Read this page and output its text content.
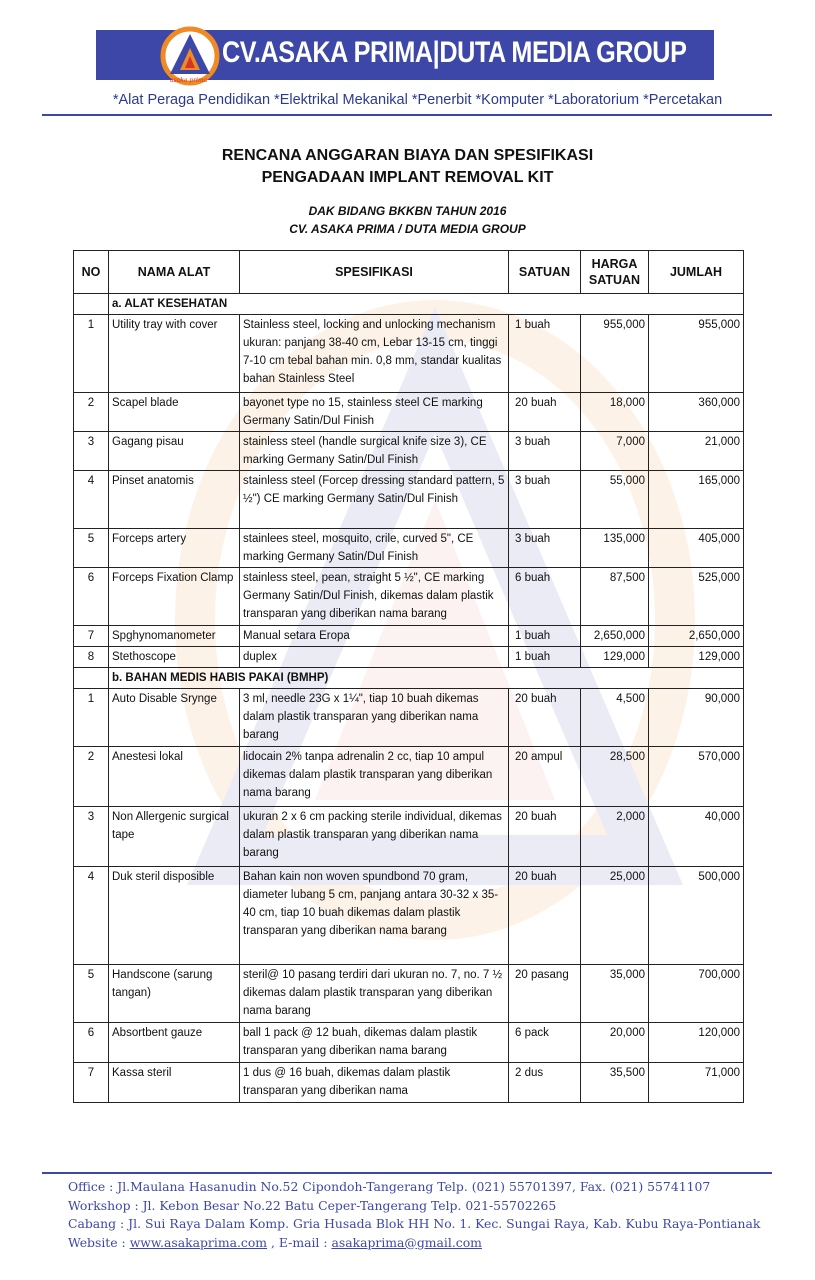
asaka prima
CV.ASAKA PRIMA|DUTA MEDIA GROUP
*Alat Peraga Pendidikan *Elektrikal Mekanikal *Penerbit *Komputer *Laboratorium *Percetakan
RENCANA ANGGARAN BIAYA DAN SPESIFIKASI
PENGADAAN IMPLANT REMOVAL KIT
DAK BIDANG BKKBN TAHUN 2016
CV. ASAKA PRIMA / DUTA MEDIA GROUP
NO	NAMA ALAT	SPESIFIKASI	SATUAN	HARGA SATUAN	JUMLAH
	a. ALAT KESEHATAN				
1	Utility tray with cover	Stainless steel, locking and unlocking mechanism ukuran: panjang 38-40 cm, Lebar 13-15 cm, tinggi 7-10 cm tebal bahan min. 0,8 mm, standar kualitas bahan Stainless Steel	1 buah	955,000	955,000
2	Scapel blade	bayonet type no 15, stainless steel CE marking Germany Satin/Dul Finish	20 buah	18,000	360,000
3	Gagang pisau	stainless steel (handle surgical knife size 3), CE marking Germany Satin/Dul Finish	3 buah	7,000	21,000
4	Pinset anatomis	stainless steel (Forcep dressing standard pattern, 5 ½") CE marking Germany Satin/Dul Finish	3 buah	55,000	165,000
5	Forceps artery	stainlees steel, mosquito, crile, curved 5", CE marking Germany Satin/Dul Finish	3 buah	135,000	405,000
6	Forceps Fixation Clamp	stainless steel, pean, straight 5 ½", CE marking Germany Satin/Dul Finish, dikemas dalam plastik transparan yang diberikan nama barang	6 buah	87,500	525,000
7	Spghynomanometer	Manual setara Eropa	1 buah	2,650,000	2,650,000
8	Stethoscope	duplex	1 buah	129,000	129,000
	b. BAHAN MEDIS HABIS PAKAI (BMHP)				
1	Auto Disable Srynge	3 ml, needle 23G x 1¼", tiap 10 buah dikemas dalam plastik transparan yang diberikan nama barang	20 buah	4,500	90,000
2	Anestesi lokal	lidocain 2% tanpa adrenalin 2 cc, tiap 10 ampul dikemas dalam plastik transparan yang diberikan nama barang	20 ampul	28,500	570,000
3	Non Allergenic surgical tape	ukuran 2 x 6 cm packing sterile individual, dikemas dalam plastik transparan yang diberikan nama barang	20 buah	2,000	40,000
4	Duk steril disposible	Bahan kain non woven spundbond 70 gram, diameter lubang 5 cm, panjang antara 30-32 x 35-40 cm, tiap 10 buah dikemas dalam plastik transparan yang diberikan nama barang	20 buah	25,000	500,000
5	Handscone (sarung tangan)	steril@ 10 pasang terdiri dari ukuran no. 7, no. 7 ½ dikemas dalam plastik transparan yang diberikan nama barang	20 pasang	35,000	700,000
6	Absortbent gauze	ball 1 pack @ 12 buah, dikemas dalam plastik transparan yang diberikan nama barang	6 pack	20,000	120,000
7	Kassa steril	1 dus @ 16 buah, dikemas dalam plastik transparan yang diberikan nama	2 dus	35,500	71,000
Office : Jl.Maulana Hasanudin No.52 Cipondoh-Tangerang Telp. (021) 55701397, Fax. (021) 55741107
Workshop : Jl. Kebon Besar No.22 Batu Ceper-Tangerang Telp. 021-55702265
Cabang : Jl. Sui Raya Dalam Komp. Gria Husada Blok HH No. 1. Kec. Sungai Raya, Kab. Kubu Raya-Pontianak
Website : www.asakaprima.com , E-mail : asakaprima@gmail.com
